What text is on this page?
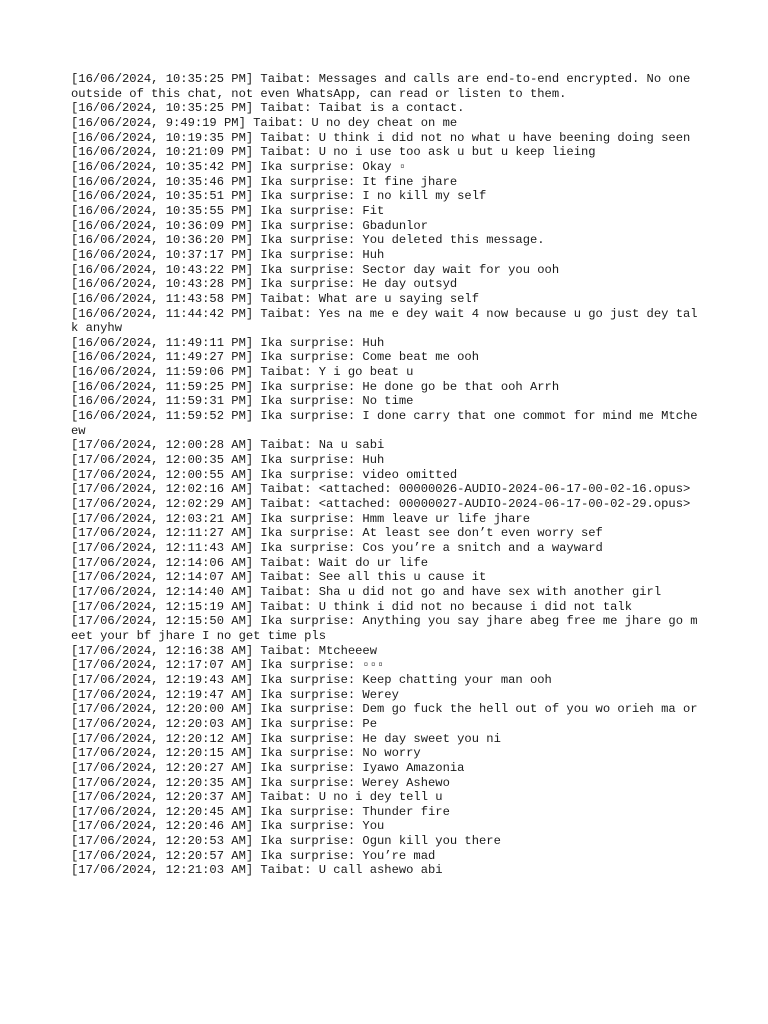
[16/06/2024, 10:35:25 PM] Taibat: Messages and calls are end-to-end encrypted. No one outside of this chat, not even WhatsApp, can read or listen to them.
[16/06/2024, 10:35:25 PM] Taibat: Taibat is a contact.
[16/06/2024, 9:49:19 PM] Taibat: U no dey cheat on me
[16/06/2024, 10:19:35 PM] Taibat: U think i did not no what u have beening doing seen
[16/06/2024, 10:21:09 PM] Taibat: U no i use too ask u but u keep lieing
[16/06/2024, 10:35:42 PM] Ika surprise: Okay ▫
[16/06/2024, 10:35:46 PM] Ika surprise: It fine jhare
[16/06/2024, 10:35:51 PM] Ika surprise: I no kill my self
[16/06/2024, 10:35:55 PM] Ika surprise: Fit
[16/06/2024, 10:36:09 PM] Ika surprise: Gbadunlor
[16/06/2024, 10:36:20 PM] Ika surprise: You deleted this message.
[16/06/2024, 10:37:17 PM] Ika surprise: Huh
[16/06/2024, 10:43:22 PM] Ika surprise: Sector day wait for you ooh
[16/06/2024, 10:43:28 PM] Ika surprise: He day outsyd
[16/06/2024, 11:43:58 PM] Taibat: What are u saying self
[16/06/2024, 11:44:42 PM] Taibat: Yes na me e dey wait 4 now because u go just dey talk anyhw
[16/06/2024, 11:49:11 PM] Ika surprise: Huh
[16/06/2024, 11:49:27 PM] Ika surprise: Come beat me ooh
[16/06/2024, 11:59:06 PM] Taibat: Y i go beat u
[16/06/2024, 11:59:25 PM] Ika surprise: He done go be that ooh Arrh
[16/06/2024, 11:59:31 PM] Ika surprise: No time
[16/06/2024, 11:59:52 PM] Ika surprise: I done carry that one commot for mind me Mtcheew
[17/06/2024, 12:00:28 AM] Taibat: Na u sabi
[17/06/2024, 12:00:35 AM] Ika surprise: Huh
[17/06/2024, 12:00:55 AM] Ika surprise: video omitted
[17/06/2024, 12:02:16 AM] Taibat: <attached: 00000026-AUDIO-2024-06-17-00-02-16.opus>
[17/06/2024, 12:02:29 AM] Taibat: <attached: 00000027-AUDIO-2024-06-17-00-02-29.opus>
[17/06/2024, 12:03:21 AM] Ika surprise: Hmm leave ur life jhare
[17/06/2024, 12:11:27 AM] Ika surprise: At least see don’t even worry sef
[17/06/2024, 12:11:43 AM] Ika surprise: Cos you’re a snitch and a wayward
[17/06/2024, 12:14:06 AM] Taibat: Wait do ur life
[17/06/2024, 12:14:07 AM] Taibat: See all this u cause it
[17/06/2024, 12:14:40 AM] Taibat: Sha u did not go and have sex with another girl
[17/06/2024, 12:15:19 AM] Taibat: U think i did not no because i did not talk
[17/06/2024, 12:15:50 AM] Ika surprise: Anything you say jhare abeg free me jhare go meet your bf jhare I no get time pls
[17/06/2024, 12:16:38 AM] Taibat: Mtcheeew
[17/06/2024, 12:17:07 AM] Ika surprise: ▫▫▫
[17/06/2024, 12:19:43 AM] Ika surprise: Keep chatting your man ooh
[17/06/2024, 12:19:47 AM] Ika surprise: Werey
[17/06/2024, 12:20:00 AM] Ika surprise: Dem go fuck the hell out of you wo orieh ma or
[17/06/2024, 12:20:03 AM] Ika surprise: Pe
[17/06/2024, 12:20:12 AM] Ika surprise: He day sweet you ni
[17/06/2024, 12:20:15 AM] Ika surprise: No worry
[17/06/2024, 12:20:27 AM] Ika surprise: Iyawo Amazonia
[17/06/2024, 12:20:35 AM] Ika surprise: Werey Ashewo
[17/06/2024, 12:20:37 AM] Taibat: U no i dey tell u
[17/06/2024, 12:20:45 AM] Ika surprise: Thunder fire
[17/06/2024, 12:20:46 AM] Ika surprise: You
[17/06/2024, 12:20:53 AM] Ika surprise: Ogun kill you there
[17/06/2024, 12:20:57 AM] Ika surprise: You’re mad
[17/06/2024, 12:21:03 AM] Taibat: U call ashewo abi
